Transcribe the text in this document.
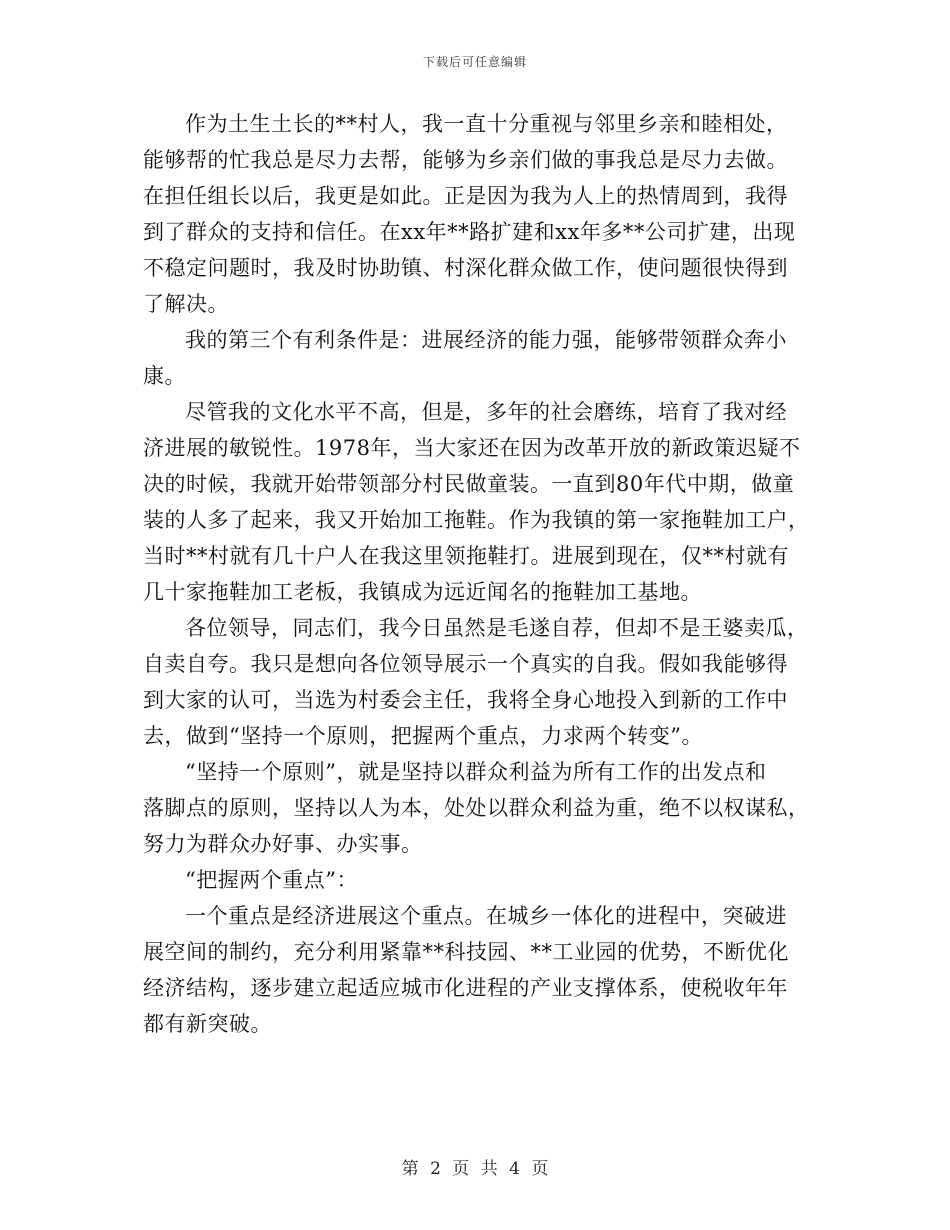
下载后可任意编辑
作为土生土长的**村人，我一直十分重视与邻里乡亲和睦相处，
能够帮的忙我总是尽力去帮，能够为乡亲们做的事我总是尽力去做。
在担任组长以后，我更是如此。正是因为我为人上的热情周到，我得
到了群众的支持和信任。在xx年**路扩建和xx年多**公司扩建，出现
不稳定问题时，我及时协助镇、村深化群众做工作，使问题很快得到
了解决。
我的第三个有利条件是：进展经济的能力强，能够带领群众奔小
康。
尽管我的文化水平不高，但是，多年的社会磨练，培育了我对经
济进展的敏锐性。1978年，当大家还在因为改革开放的新政策迟疑不
决的时候，我就开始带领部分村民做童装。一直到80年代中期，做童
装的人多了起来，我又开始加工拖鞋。作为我镇的第一家拖鞋加工户，
当时**村就有几十户人在我这里领拖鞋打。进展到现在，仅**村就有
几十家拖鞋加工老板，我镇成为远近闻名的拖鞋加工基地。
各位领导，同志们，我今日虽然是毛遂自荐，但却不是王婆卖瓜，
自卖自夸。我只是想向各位领导展示一个真实的自我。假如我能够得
到大家的认可，当选为村委会主任，我将全身心地投入到新的工作中
去，做到“坚持一个原则，把握两个重点，力求两个转变”。
“坚持一个原则”，就是坚持以群众利益为所有工作的出发点和
落脚点的原则，坚持以人为本，处处以群众利益为重，绝不以权谋私，
努力为群众办好事、办实事。
“把握两个重点”：
一个重点是经济进展这个重点。在城乡一体化的进程中，突破进
展空间的制约，充分利用紧靠**科技园、**工业园的优势，不断优化
经济结构，逐步建立起适应城市化进程的产业支撑体系，使税收年年
都有新突破。
第 2 页 共 4 页
